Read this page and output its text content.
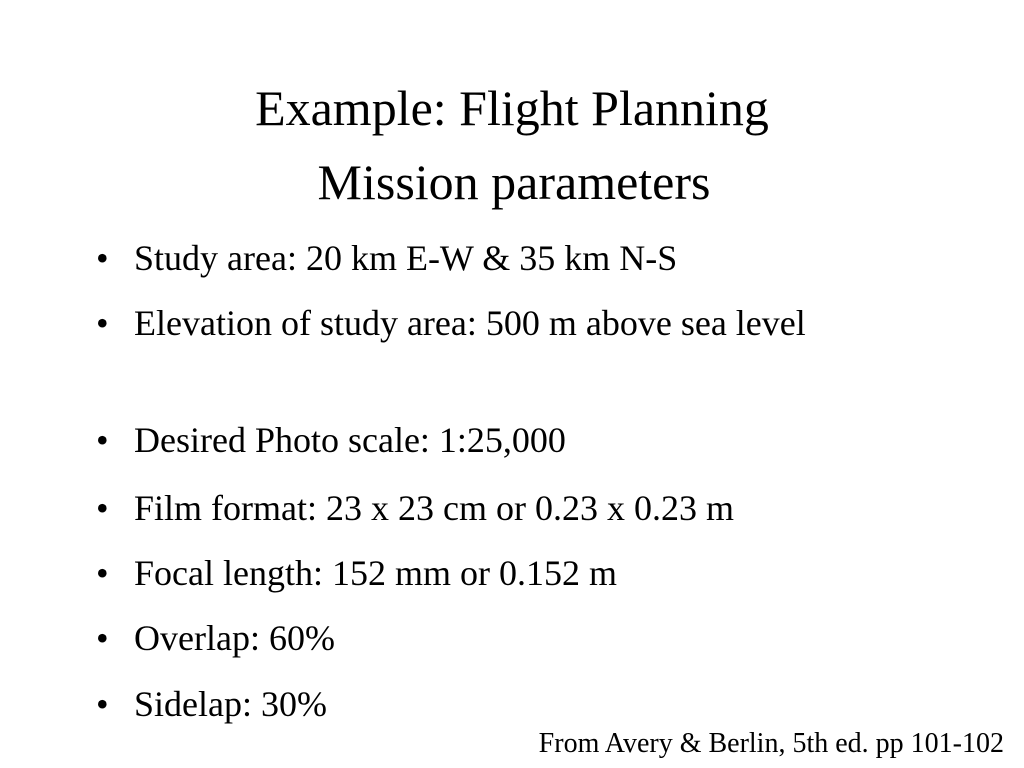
Example: Flight Planning
Mission parameters
• Study area: 20 km E-W & 35 km N-S
• Elevation of study area: 500 m above sea level
• Desired Photo scale: 1:25,000
• Film format: 23 x 23 cm or 0.23 x 0.23 m
• Focal length: 152 mm or 0.152 m
• Overlap: 60%
• Sidelap: 30%
From Avery & Berlin, 5th ed. pp 101-102
